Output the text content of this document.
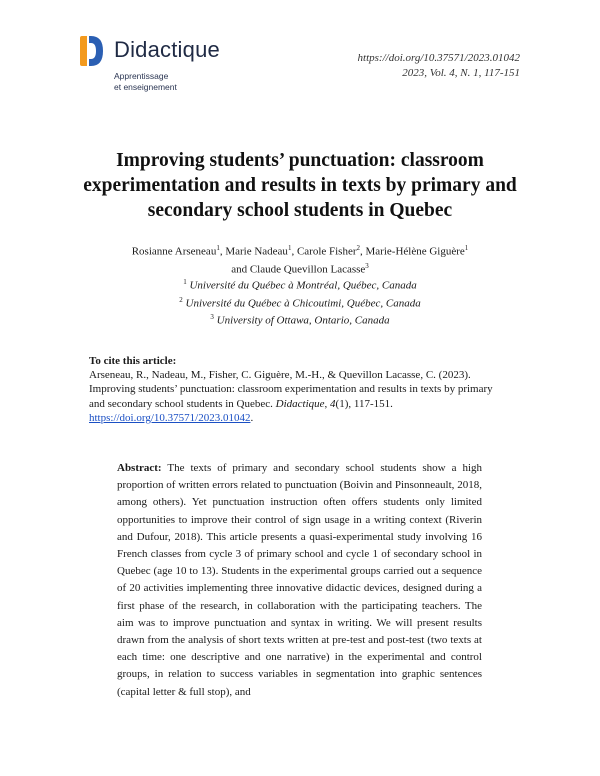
Didactique
Apprentissage
et enseignement
https://doi.org/10.37571/2023.01042
2023, Vol. 4, N. 1, 117-151
Improving students’ punctuation: classroom experimentation and results in texts by primary and secondary school students in Quebec
Rosianne Arseneau$^1$, Marie Nadeau$^1$, Carole Fisher$^2$, Marie-Hélène Giguère$^1$
and Claude Quevillon Lacasse$^3$
$^1$ Université du Québec à Montréal, Québec, Canada
$^2$ Université du Québec à Chicoutimi, Québec, Canada
$^3$ University of Ottawa, Ontario, Canada
To cite this article:
Arseneau, R., Nadeau, M., Fisher, C. Giguère, M.-H., & Quevillon Lacasse, C. (2023). Improving students’ punctuation: classroom experimentation and results in texts by primary and secondary school students in Quebec. Didactique, 4(1), 117-151. https://doi.org/10.37571/2023.01042.
Abstract: The texts of primary and secondary school students show a high proportion of written errors related to punctuation (Boivin and Pinsonneault, 2018, among others). Yet punctuation instruction often offers students only limited opportunities to improve their control of sign usage in a writing context (Riverin and Dufour, 2018). This article presents a quasi-experimental study involving 16 French classes from cycle 3 of primary school and cycle 1 of secondary school in Quebec (age 10 to 13). Students in the experimental groups carried out a sequence of 20 activities implementing three innovative didactic devices, designed during a first phase of the research, in collaboration with the participating teachers. The aim was to improve punctuation and syntax in writing. We will present results drawn from the analysis of short texts written at pre-test and post-test (two texts at each time: one descriptive and one narrative) in the experimental and control groups, in relation to success variables in segmentation into graphic sentences (capital letter & full stop), and
